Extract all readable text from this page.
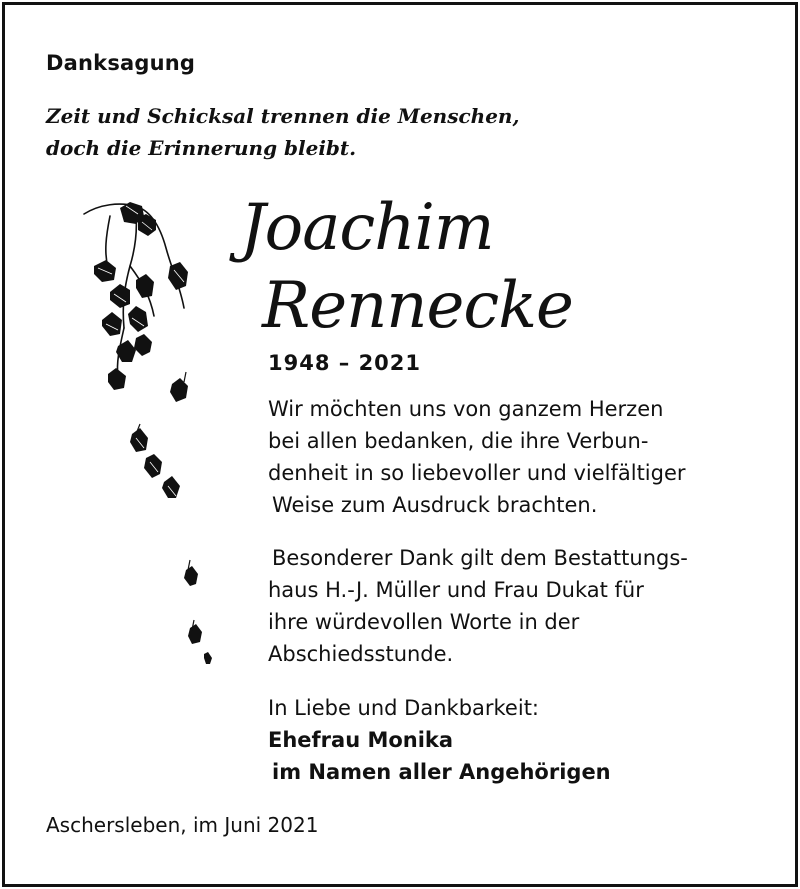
Danksagung
Zeit und Schicksal trennen die Menschen,
doch die Erinnerung bleibt.
Joachim
Rennecke
1948 – 2021
Wir möchten uns von ganzem Herzen
bei allen bedanken, die ihre Verbun-
denheit in so liebevoller und vielfältiger
Weise zum Ausdruck brachten.
Besonderer Dank gilt dem Bestattungs-
haus H.-J. Müller und Frau Dukat für
ihre würdevollen Worte in der
Abschiedsstunde.
In Liebe und Dankbarkeit:
Ehefrau Monika
im Namen aller Angehörigen
Aschersleben, im Juni 2021
